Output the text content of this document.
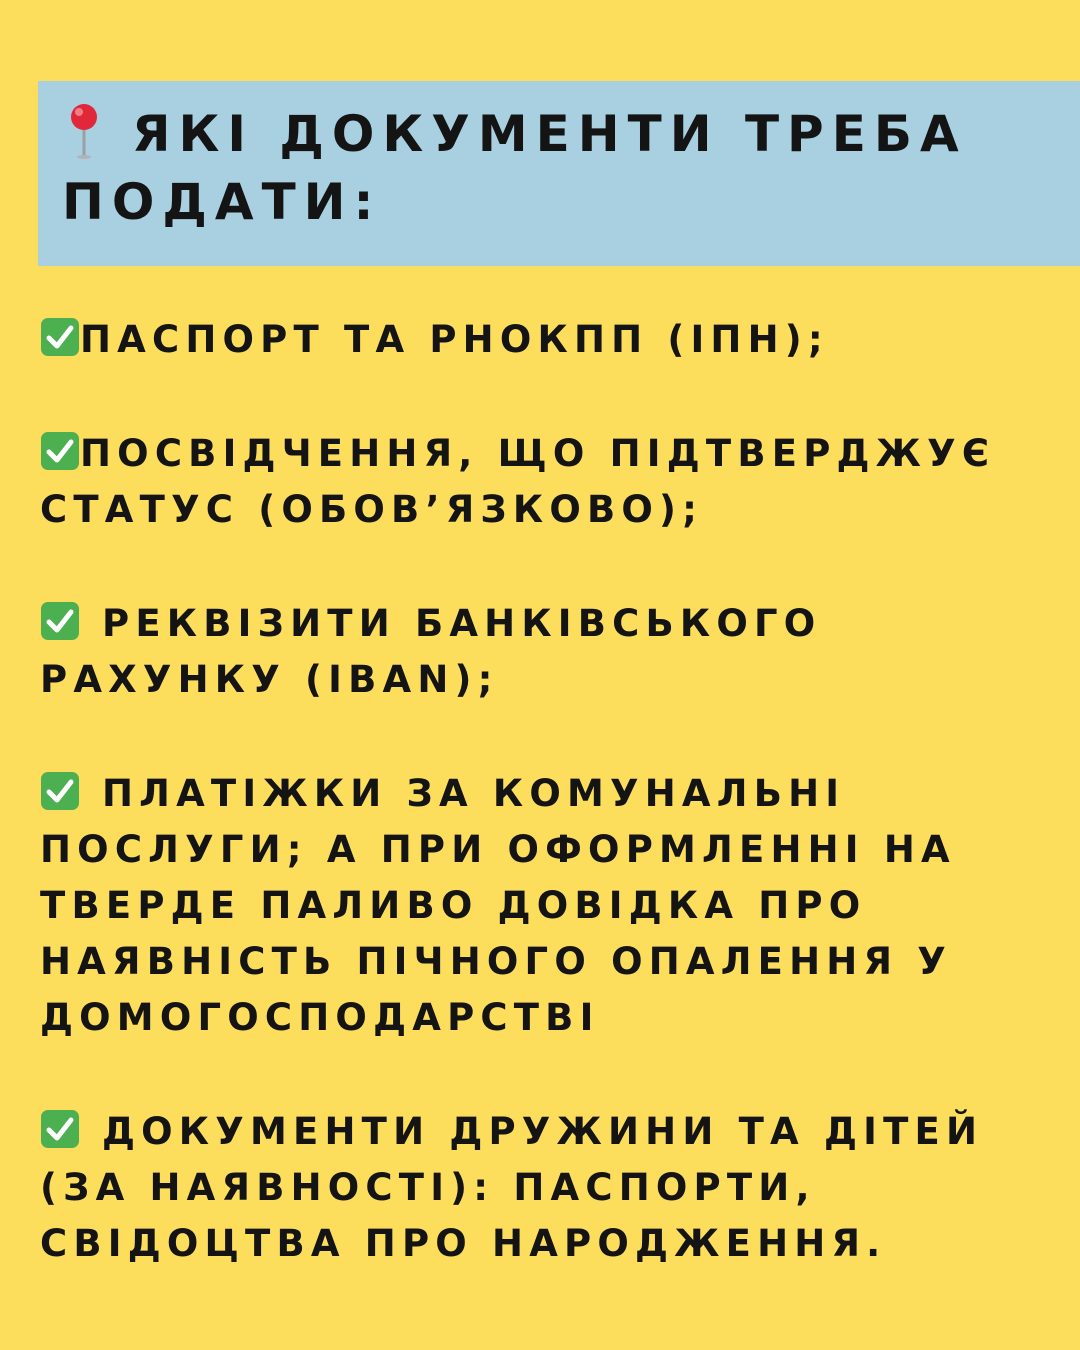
ЯКІ ДОКУМЕНТИ ТРЕБА
ПОДАТИ:
ПАСПОРТ ТА РНОКПП (ІПН);
ПОСВІДЧЕННЯ, ЩО ПІДТВЕРДЖУЄ
СТАТУС (ОБОВ’ЯЗКОВО);
РЕКВІЗИТИ БАНКІВСЬКОГО
РАХУНКУ (IBAN);
ПЛАТІЖКИ ЗА КОМУНАЛЬНІ
ПОСЛУГИ; А ПРИ ОФОРМЛЕННІ НА
ТВЕРДЕ ПАЛИВО ДОВІДКА ПРО
НАЯВНІСТЬ ПІЧНОГО ОПАЛЕННЯ У
ДОМОГОСПОДАРСТВІ
ДОКУМЕНТИ ДРУЖИНИ ТА ДІТЕЙ
(ЗА НАЯВНОСТІ): ПАСПОРТИ,
СВІДОЦТВА ПРО НАРОДЖЕННЯ.
